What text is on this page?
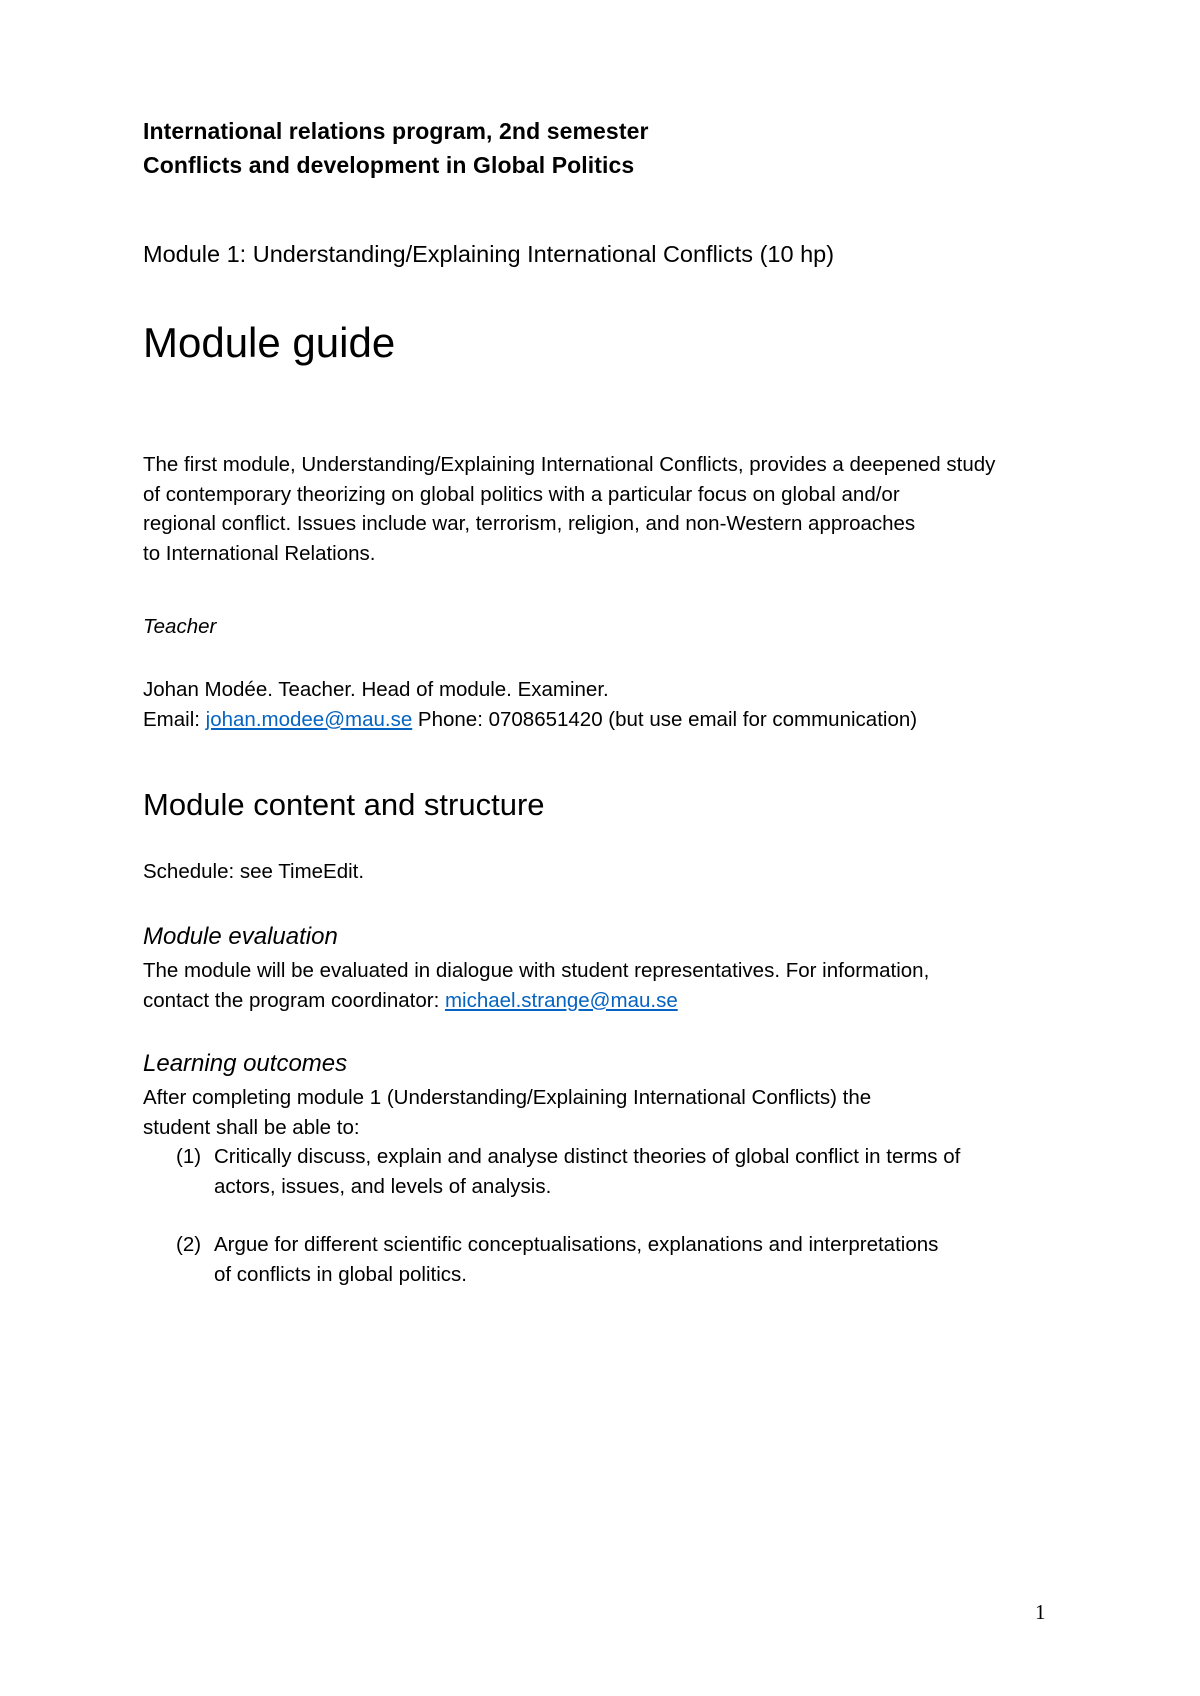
International relations program, 2nd semester
Conflicts and development in Global Politics
Module 1: Understanding/Explaining International Conflicts (10 hp)
Module guide
The first module, Understanding/Explaining International Conflicts, provides a deepened study
of contemporary theorizing on global politics with a particular focus on global and/or
regional conflict. Issues include war, terrorism, religion, and non-Western approaches
to International Relations.
Teacher
Johan Modée. Teacher. Head of module. Examiner.
Email: johan.modee@mau.se Phone: 0708651420 (but use email for communication)
Module content and structure
Schedule: see TimeEdit.
Module evaluation
The module will be evaluated in dialogue with student representatives. For information,
contact the program coordinator: michael.strange@mau.se
Learning outcomes
After completing module 1 (Understanding/Explaining International Conflicts) the
student shall be able to:
(1) Critically discuss, explain and analyse distinct theories of global conflict in terms of
actors, issues, and levels of analysis.
(2) Argue for different scientific conceptualisations, explanations and interpretations
of conflicts in global politics.
1
